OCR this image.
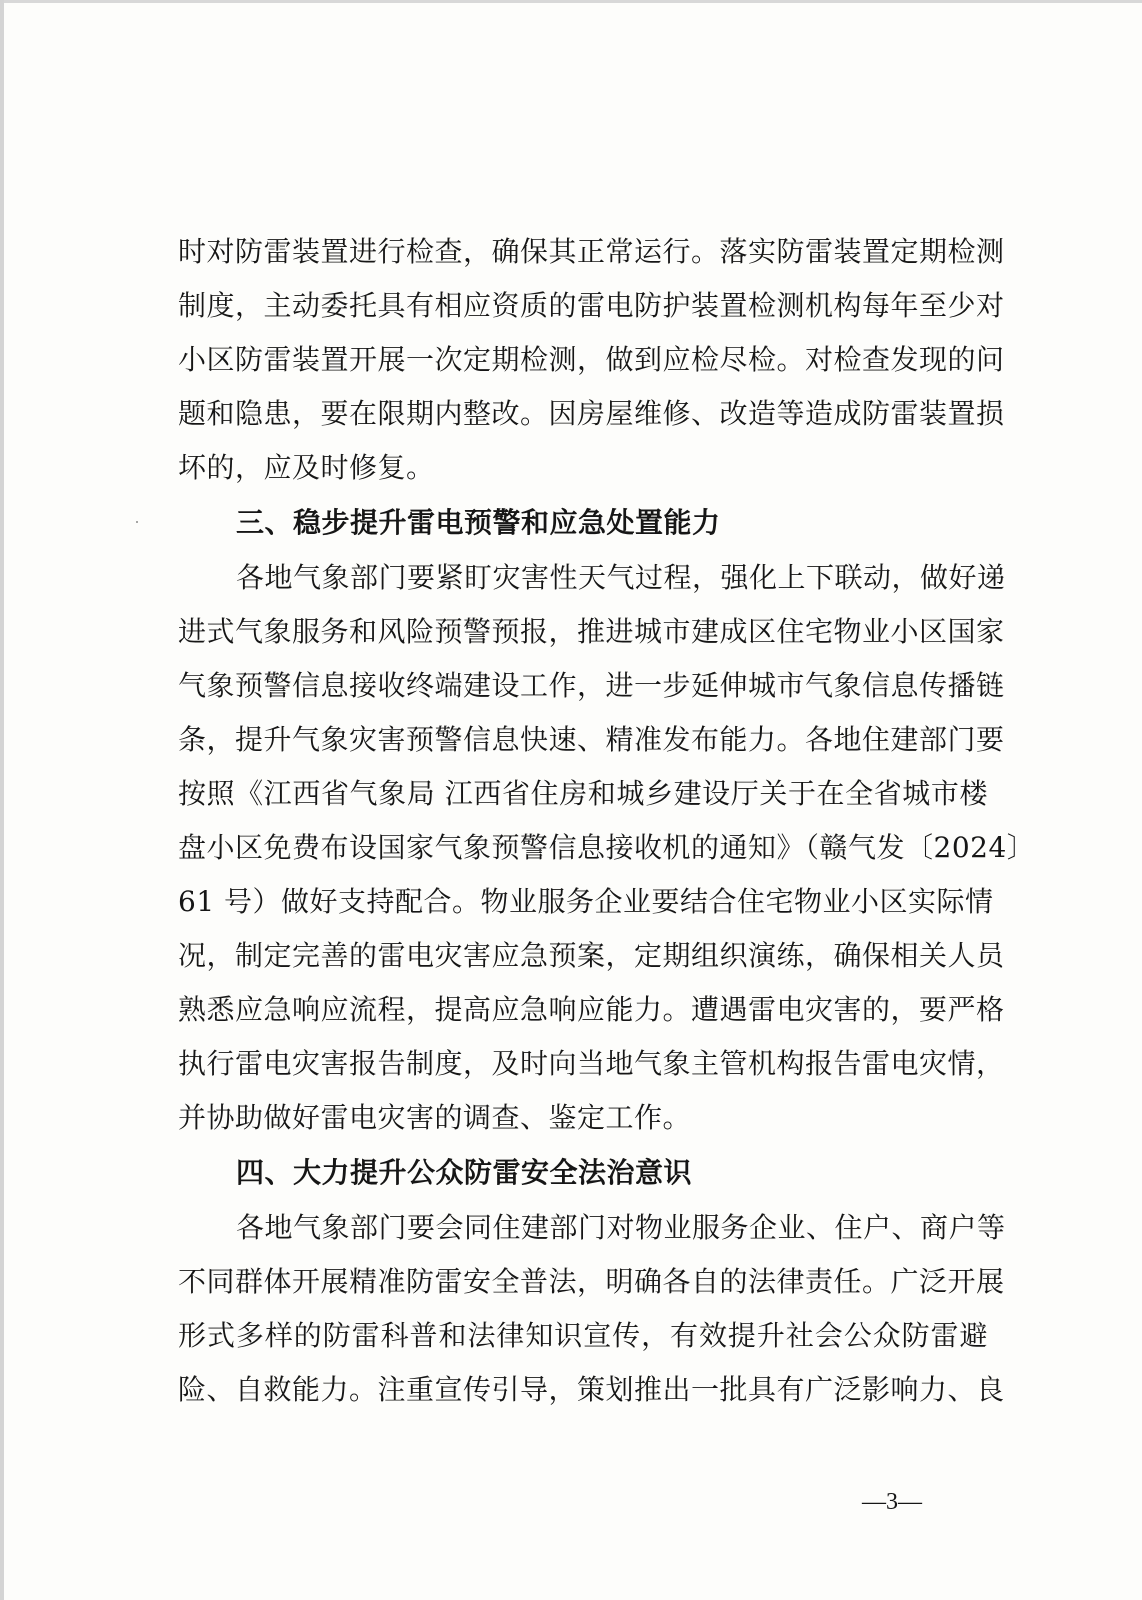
时对防雷装置进行检查，确保其正常运行。落实防雷装置定期检测
制度，主动委托具有相应资质的雷电防护装置检测机构每年至少对
小区防雷装置开展一次定期检测，做到应检尽检。对检查发现的问
题和隐患，要在限期内整改。因房屋维修、改造等造成防雷装置损
坏的，应及时修复。
三、稳步提升雷电预警和应急处置能力
各地气象部门要紧盯灾害性天气过程，强化上下联动，做好递
进式气象服务和风险预警预报，推进城市建成区住宅物业小区国家
气象预警信息接收终端建设工作，进一步延伸城市气象信息传播链
条，提升气象灾害预警信息快速、精准发布能力。各地住建部门要
按照《江西省气象局 江西省住房和城乡建设厅关于在全省城市楼
盘小区免费布设国家气象预警信息接收机的通知》（赣气发〔2024〕
61 号）做好支持配合。物业服务企业要结合住宅物业小区实际情
况，制定完善的雷电灾害应急预案，定期组织演练，确保相关人员
熟悉应急响应流程，提高应急响应能力。遭遇雷电灾害的，要严格
执行雷电灾害报告制度，及时向当地气象主管机构报告雷电灾情，
并协助做好雷电灾害的调查、鉴定工作。
四、大力提升公众防雷安全法治意识
各地气象部门要会同住建部门对物业服务企业、住户、商户等
不同群体开展精准防雷安全普法，明确各自的法律责任。广泛开展
形式多样的防雷科普和法律知识宣传，有效提升社会公众防雷避
险、自救能力。注重宣传引导，策划推出一批具有广泛影响力、良
—3—
